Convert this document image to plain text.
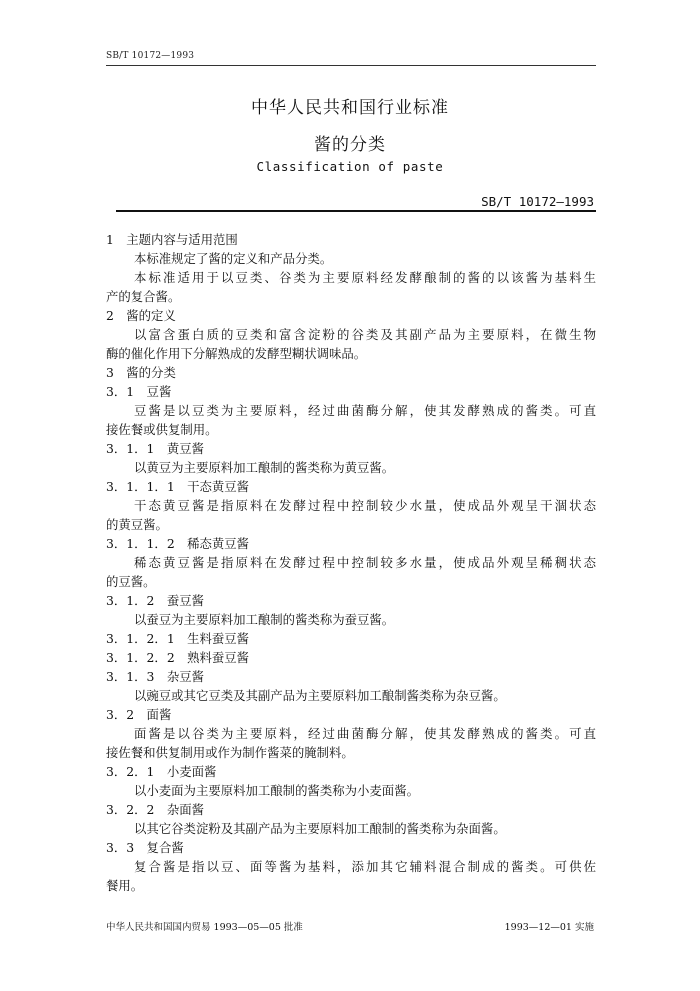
SB/T 10172—1993
中华人民共和国行业标准
酱的分类
Classification of paste
SB/T 10172—1993
1　主题内容与适用范围
本标准规定了酱的定义和产品分类。
本标准适用于以豆类、谷类为主要原料经发酵酿制的酱的以该酱为基料生
产的复合酱。
2　酱的定义
以富含蛋白质的豆类和富含淀粉的谷类及其副产品为主要原料，在微生物
酶的催化作用下分解熟成的发酵型糊状调味品。
3　酱的分类
3．1　豆酱
豆酱是以豆类为主要原料，经过曲菌酶分解，使其发酵熟成的酱类。可直
接佐餐或供复制用。
3．1．1　黄豆酱
以黄豆为主要原料加工酿制的酱类称为黄豆酱。
3．1．1．1　干态黄豆酱
干态黄豆酱是指原料在发酵过程中控制较少水量，使成品外观呈干涸状态
的黄豆酱。
3．1．1．2　稀态黄豆酱
稀态黄豆酱是指原料在发酵过程中控制较多水量，使成品外观呈稀稠状态
的豆酱。
3．1．2　蚕豆酱
以蚕豆为主要原料加工酿制的酱类称为蚕豆酱。
3．1．2．1　生料蚕豆酱
3．1．2．2　熟料蚕豆酱
3．1．3　杂豆酱
以豌豆或其它豆类及其副产品为主要原料加工酿制酱类称为杂豆酱。
3．2　面酱
面酱是以谷类为主要原料，经过曲菌酶分解，使其发酵熟成的酱类。可直
接佐餐和供复制用或作为制作酱菜的腌制料。
3．2．1　小麦面酱
以小麦面为主要原料加工酿制的酱类称为小麦面酱。
3．2．2　杂面酱
以其它谷类淀粉及其副产品为主要原料加工酿制的酱类称为杂面酱。
3．3　复合酱
复合酱是指以豆、面等酱为基料，添加其它辅料混合制成的酱类。可供佐
餐用。
中华人民共和国国内贸易 1993—05—05 批准	1993—12—01 实施
